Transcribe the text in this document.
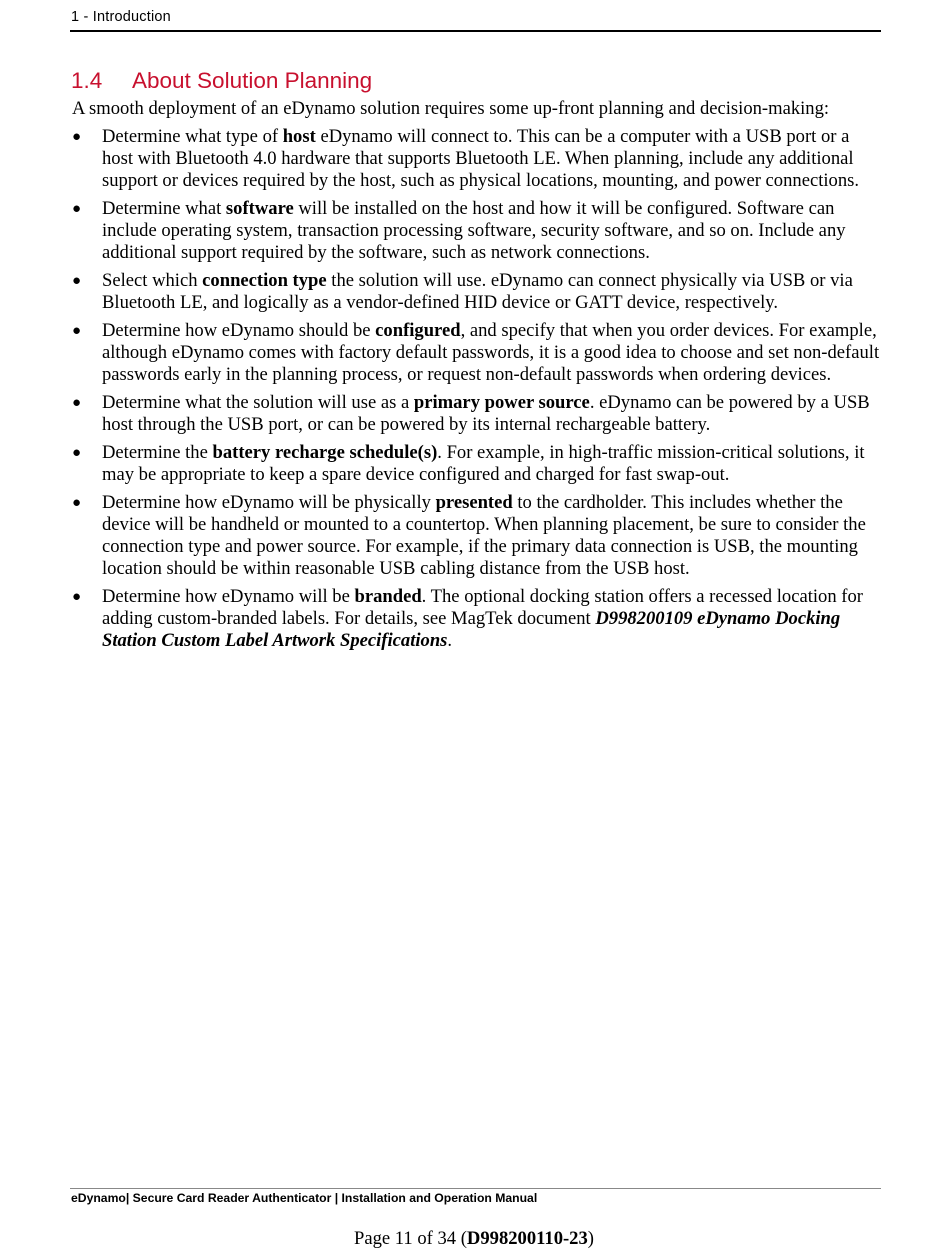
1 - Introduction
1.4 About Solution Planning

A smooth deployment of an eDynamo solution requires some up-front planning and decision-making:

● Determine what type of host eDynamo will connect to. This can be a computer with a USB port or a host with Bluetooth 4.0 hardware that supports Bluetooth LE. When planning, include any additional support or devices required by the host, such as physical locations, mounting, and power connections.
● Determine what software will be installed on the host and how it will be configured. Software can include operating system, transaction processing software, security software, and so on. Include any additional support required by the software, such as network connections.
● Select which connection type the solution will use. eDynamo can connect physically via USB or via Bluetooth LE, and logically as a vendor-defined HID device or GATT device, respectively.
● Determine how eDynamo should be configured, and specify that when you order devices. For example, although eDynamo comes with factory default passwords, it is a good idea to choose and set non-default passwords early in the planning process, or request non-default passwords when ordering devices.
● Determine what the solution will use as a primary power source. eDynamo can be powered by a USB host through the USB port, or can be powered by its internal rechargeable battery.
● Determine the battery recharge schedule(s). For example, in high-traffic mission-critical solutions, it may be appropriate to keep a spare device configured and charged for fast swap-out.
● Determine how eDynamo will be physically presented to the cardholder. This includes whether the device will be handheld or mounted to a countertop. When planning placement, be sure to consider the connection type and power source. For example, if the primary data connection is USB, the mounting location should be within reasonable USB cabling distance from the USB host.
● Determine how eDynamo will be branded. The optional docking station offers a recessed location for adding custom-branded labels. For details, see MagTek document D998200109 eDynamo Docking Station Custom Label Artwork Specifications.
eDynamo| Secure Card Reader Authenticator | Installation and Operation Manual
Page 11 of 34 (D998200110-23)
